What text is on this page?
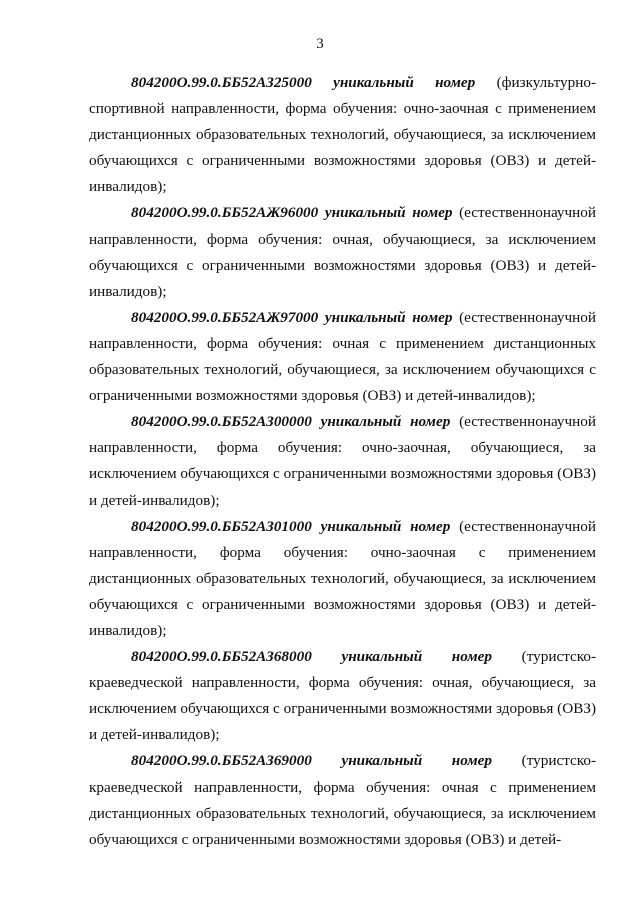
3

804200О.99.0.ББ52АЗ25000 уникальный номер (физкультурно-спортивной направленности, форма обучения: очно-заочная с применением дистанционных образовательных технологий, обучающиеся, за исключением обучающихся с ограниченными возможностями здоровья (ОВЗ) и детей-инвалидов);

804200О.99.0.ББ52АЖ96000 уникальный номер (естественнонаучной направленности, форма обучения: очная, обучающиеся, за исключением обучающихся с ограниченными возможностями здоровья (ОВЗ) и детей-инвалидов);

804200О.99.0.ББ52АЖ97000 уникальный номер (естественнонаучной направленности, форма обучения: очная с применением дистанционных образовательных технологий, обучающиеся, за исключением обучающихся с ограниченными возможностями здоровья (ОВЗ) и детей-инвалидов);

804200О.99.0.ББ52АЗ00000 уникальный номер (естественнонаучной направленности, форма обучения: очно-заочная, обучающиеся, за исключением обучающихся с ограниченными возможностями здоровья (ОВЗ) и детей-инвалидов);

804200О.99.0.ББ52АЗ01000 уникальный номер (естественнонаучной направленности, форма обучения: очно-заочная с применением дистанционных образовательных технологий, обучающиеся, за исключением обучающихся с ограниченными возможностями здоровья (ОВЗ) и детей-инвалидов);

804200О.99.0.ББ52АЗ68000 уникальный номер (туристско-краеведческой направленности, форма обучения: очная, обучающиеся, за исключением обучающихся с ограниченными возможностями здоровья (ОВЗ) и детей-инвалидов);

804200О.99.0.ББ52АЗ69000 уникальный номер (туристско-краеведческой направленности, форма обучения: очная с применением дистанционных образовательных технологий, обучающиеся, за исключением обучающихся с ограниченными возможностями здоровья (ОВЗ) и детей-
